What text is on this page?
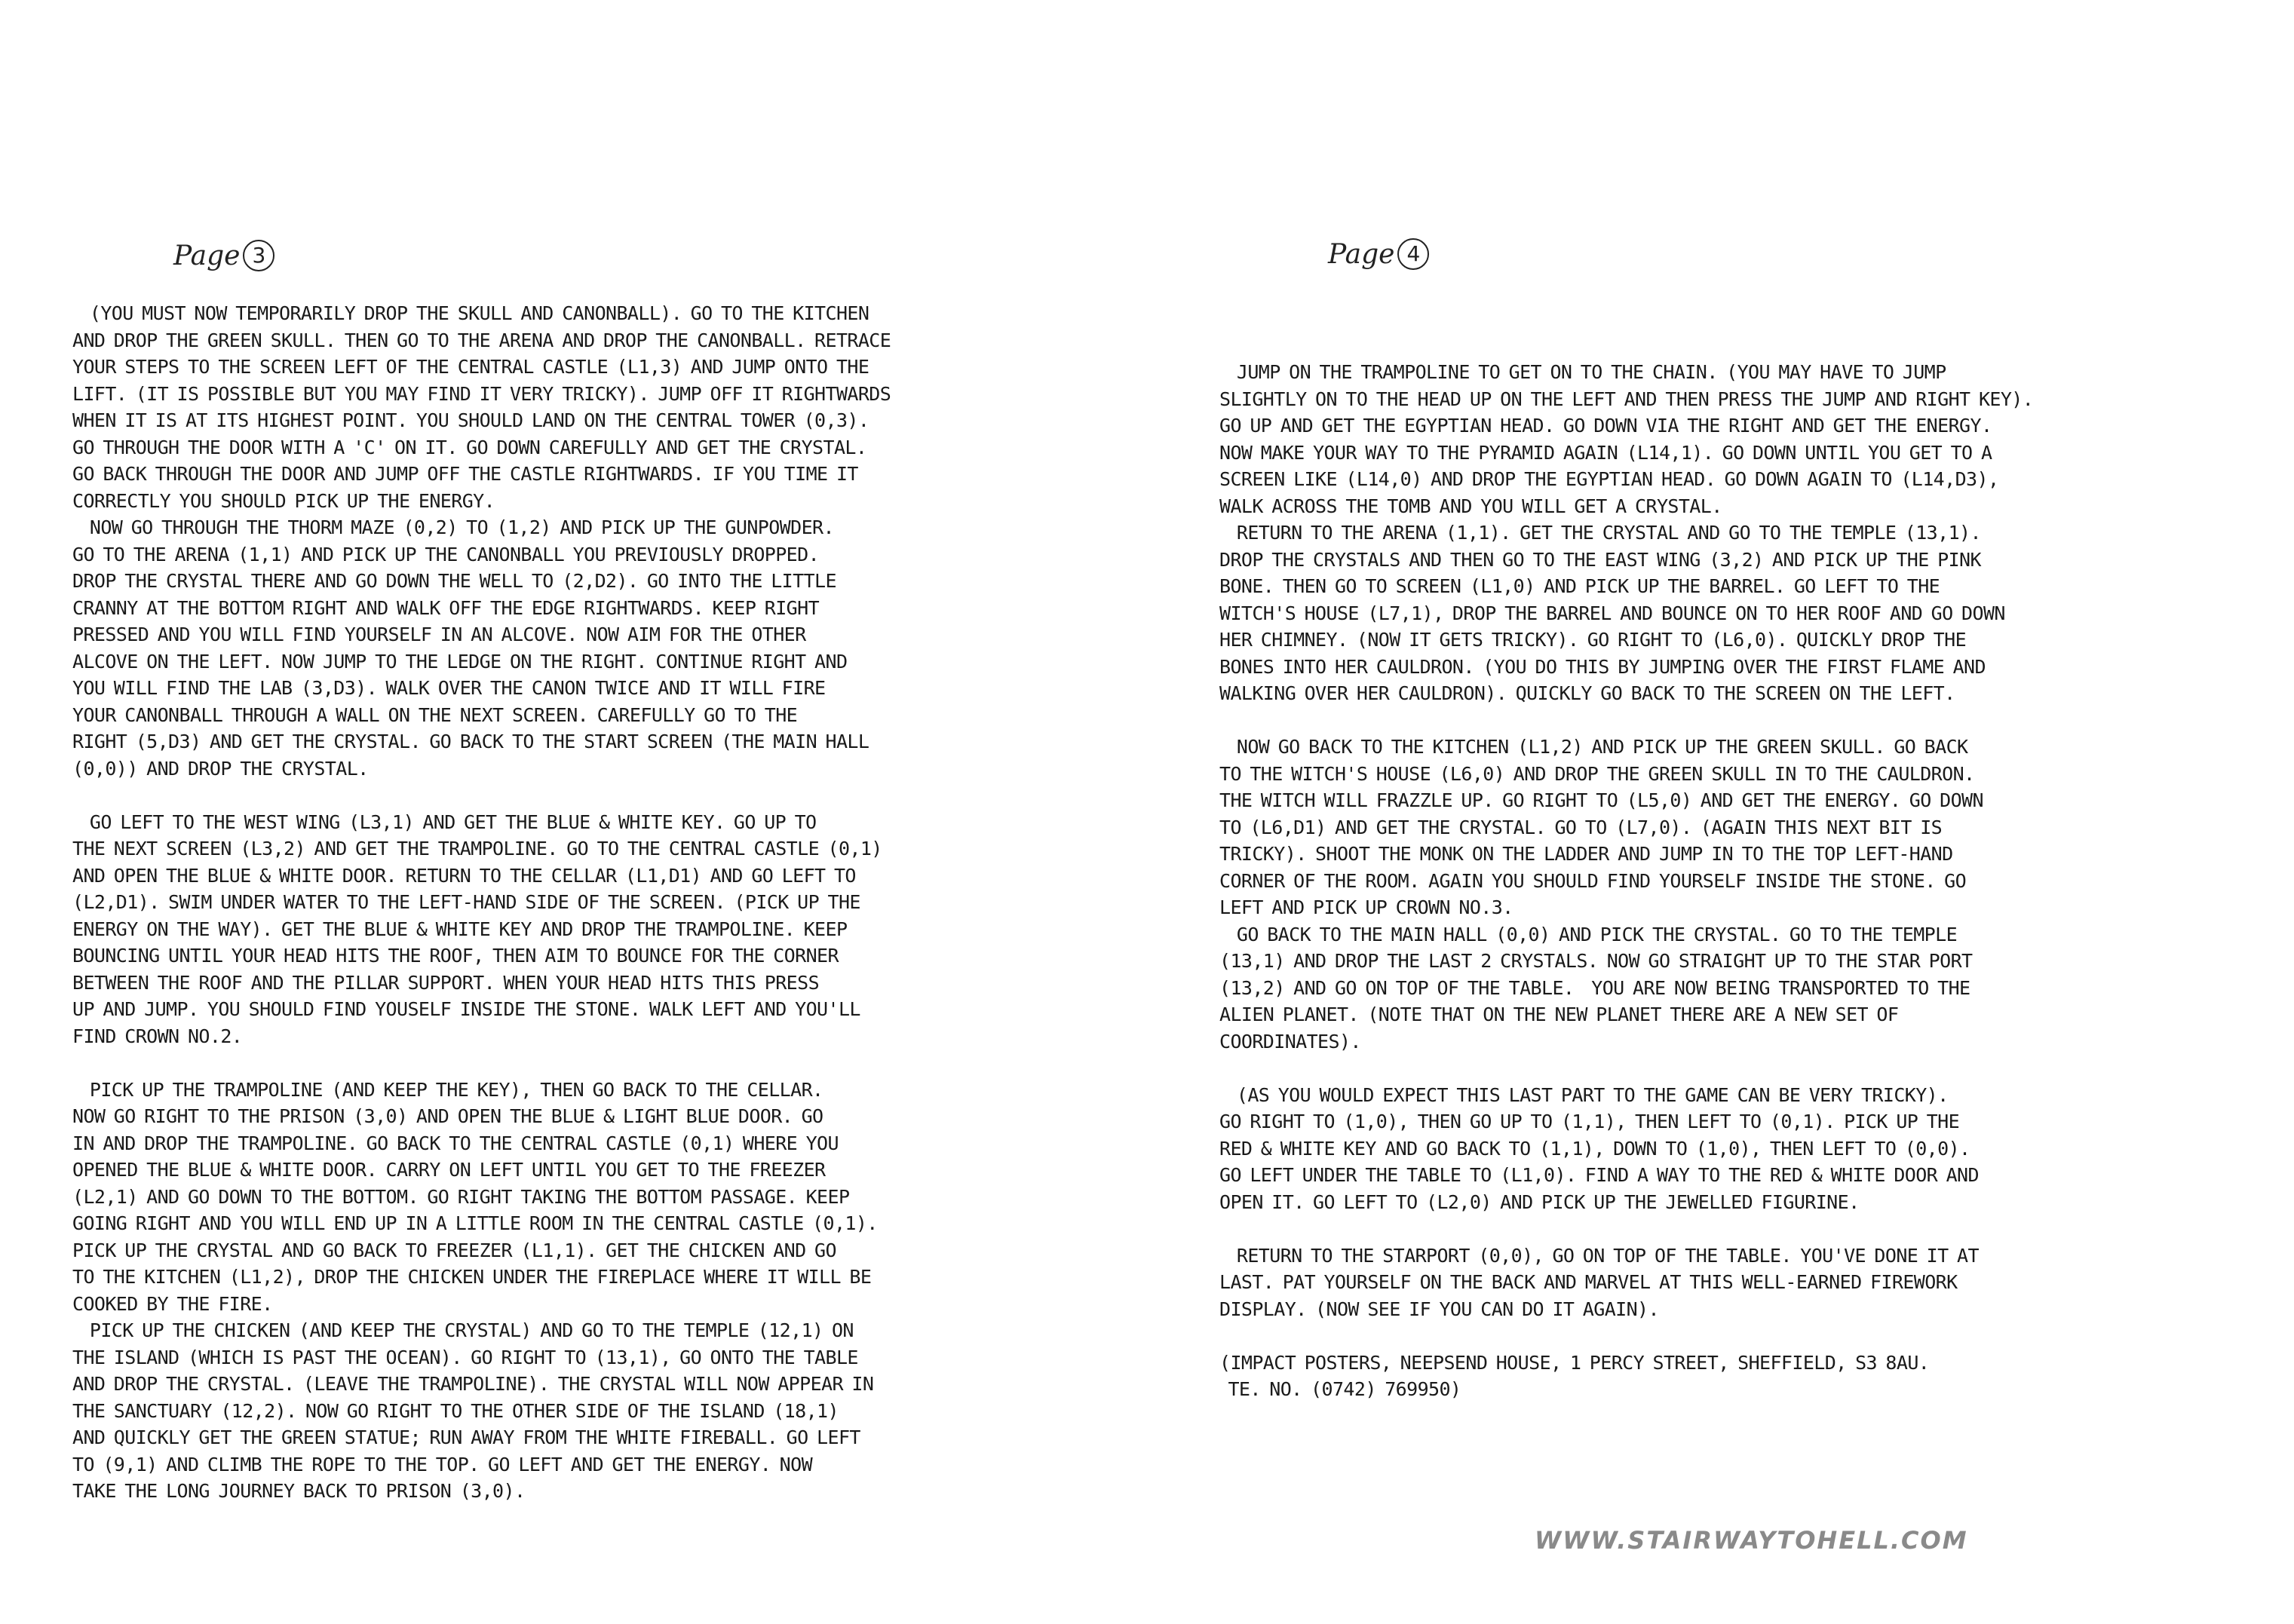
Page 3
(YOU MUST NOW TEMPORARILY DROP THE SKULL AND CANONBALL). GO TO THE KITCHEN
AND DROP THE GREEN SKULL. THEN GO TO THE ARENA AND DROP THE CANONBALL. RETRACE
YOUR STEPS TO THE SCREEN LEFT OF THE CENTRAL CASTLE (L1,3) AND JUMP ONTO THE
LIFT. (IT IS POSSIBLE BUT YOU MAY FIND IT VERY TRICKY). JUMP OFF IT RIGHTWARDS
WHEN IT IS AT ITS HIGHEST POINT. YOU SHOULD LAND ON THE CENTRAL TOWER (0,3).
GO THROUGH THE DOOR WITH A 'C' ON IT. GO DOWN CAREFULLY AND GET THE CRYSTAL.
GO BACK THROUGH THE DOOR AND JUMP OFF THE CASTLE RIGHTWARDS. IF YOU TIME IT
CORRECTLY YOU SHOULD PICK UP THE ENERGY.
NOW GO THROUGH THE THORM MAZE (0,2) TO (1,2) AND PICK UP THE GUNPOWDER.
GO TO THE ARENA (1,1) AND PICK UP THE CANONBALL YOU PREVIOUSLY DROPPED.
DROP THE CRYSTAL THERE AND GO DOWN THE WELL TO (2,D2). GO INTO THE LITTLE
CRANNY AT THE BOTTOM RIGHT AND WALK OFF THE EDGE RIGHTWARDS. KEEP RIGHT
PRESSED AND YOU WILL FIND YOURSELF IN AN ALCOVE. NOW AIM FOR THE OTHER
ALCOVE ON THE LEFT. NOW JUMP TO THE LEDGE ON THE RIGHT. CONTINUE RIGHT AND
YOU WILL FIND THE LAB (3,D3). WALK OVER THE CANON TWICE AND IT WILL FIRE
YOUR CANONBALL THROUGH A WALL ON THE NEXT SCREEN. CAREFULLY GO TO THE
RIGHT (5,D3) AND GET THE CRYSTAL. GO BACK TO THE START SCREEN (THE MAIN HALL
(0,0)) AND DROP THE CRYSTAL.
GO LEFT TO THE WEST WING (L3,1) AND GET THE BLUE & WHITE KEY. GO UP TO
THE NEXT SCREEN (L3,2) AND GET THE TRAMPOLINE. GO TO THE CENTRAL CASTLE (0,1)
AND OPEN THE BLUE & WHITE DOOR. RETURN TO THE CELLAR (L1,D1) AND GO LEFT TO
(L2,D1). SWIM UNDER WATER TO THE LEFT-HAND SIDE OF THE SCREEN. (PICK UP THE
ENERGY ON THE WAY). GET THE BLUE & WHITE KEY AND DROP THE TRAMPOLINE. KEEP
BOUNCING UNTIL YOUR HEAD HITS THE ROOF, THEN AIM TO BOUNCE FOR THE CORNER
BETWEEN THE ROOF AND THE PILLAR SUPPORT. WHEN YOUR HEAD HITS THIS PRESS
UP AND JUMP. YOU SHOULD FIND YOUSELF INSIDE THE STONE. WALK LEFT AND YOU'LL
FIND CROWN NO.2.
PICK UP THE TRAMPOLINE (AND KEEP THE KEY), THEN GO BACK TO THE CELLAR.
NOW GO RIGHT TO THE PRISON (3,0) AND OPEN THE BLUE & LIGHT BLUE DOOR. GO
IN AND DROP THE TRAMPOLINE. GO BACK TO THE CENTRAL CASTLE (0,1) WHERE YOU
OPENED THE BLUE & WHITE DOOR. CARRY ON LEFT UNTIL YOU GET TO THE FREEZER
(L2,1) AND GO DOWN TO THE BOTTOM. GO RIGHT TAKING THE BOTTOM PASSAGE. KEEP
GOING RIGHT AND YOU WILL END UP IN A LITTLE ROOM IN THE CENTRAL CASTLE (0,1).
PICK UP THE CRYSTAL AND GO BACK TO FREEZER (L1,1). GET THE CHICKEN AND GO
TO THE KITCHEN (L1,2), DROP THE CHICKEN UNDER THE FIREPLACE WHERE IT WILL BE
COOKED BY THE FIRE.
PICK UP THE CHICKEN (AND KEEP THE CRYSTAL) AND GO TO THE TEMPLE (12,1) ON
THE ISLAND (WHICH IS PAST THE OCEAN). GO RIGHT TO (13,1), GO ONTO THE TABLE
AND DROP THE CRYSTAL. (LEAVE THE TRAMPOLINE). THE CRYSTAL WILL NOW APPEAR IN
THE SANCTUARY (12,2). NOW GO RIGHT TO THE OTHER SIDE OF THE ISLAND (18,1)
AND QUICKLY GET THE GREEN STATUE; RUN AWAY FROM THE WHITE FIREBALL. GO LEFT
TO (9,1) AND CLIMB THE ROPE TO THE TOP. GO LEFT AND GET THE ENERGY. NOW
TAKE THE LONG JOURNEY BACK TO PRISON (3,0).
Page 4
JUMP ON THE TRAMPOLINE TO GET ON TO THE CHAIN. (YOU MAY HAVE TO JUMP
SLIGHTLY ON TO THE HEAD UP ON THE LEFT AND THEN PRESS THE JUMP AND RIGHT KEY).
GO UP AND GET THE EGYPTIAN HEAD. GO DOWN VIA THE RIGHT AND GET THE ENERGY.
NOW MAKE YOUR WAY TO THE PYRAMID AGAIN (L14,1). GO DOWN UNTIL YOU GET TO A
SCREEN LIKE (L14,0) AND DROP THE EGYPTIAN HEAD. GO DOWN AGAIN TO (L14,D3),
WALK ACROSS THE TOMB AND YOU WILL GET A CRYSTAL.
RETURN TO THE ARENA (1,1). GET THE CRYSTAL AND GO TO THE TEMPLE (13,1).
DROP THE CRYSTALS AND THEN GO TO THE EAST WING (3,2) AND PICK UP THE PINK
BONE. THEN GO TO SCREEN (L1,0) AND PICK UP THE BARREL. GO LEFT TO THE
WITCH'S HOUSE (L7,1), DROP THE BARREL AND BOUNCE ON TO HER ROOF AND GO DOWN
HER CHIMNEY. (NOW IT GETS TRICKY). GO RIGHT TO (L6,0). QUICKLY DROP THE
BONES INTO HER CAULDRON. (YOU DO THIS BY JUMPING OVER THE FIRST FLAME AND
WALKING OVER HER CAULDRON). QUICKLY GO BACK TO THE SCREEN ON THE LEFT.
NOW GO BACK TO THE KITCHEN (L1,2) AND PICK UP THE GREEN SKULL. GO BACK
TO THE WITCH'S HOUSE (L6,0) AND DROP THE GREEN SKULL IN TO THE CAULDRON.
THE WITCH WILL FRAZZLE UP. GO RIGHT TO (L5,0) AND GET THE ENERGY. GO DOWN
TO (L6,D1) AND GET THE CRYSTAL. GO TO (L7,0). (AGAIN THIS NEXT BIT IS
TRICKY). SHOOT THE MONK ON THE LADDER AND JUMP IN TO THE TOP LEFT-HAND
CORNER OF THE ROOM. AGAIN YOU SHOULD FIND YOURSELF INSIDE THE STONE. GO
LEFT AND PICK UP CROWN NO.3.
GO BACK TO THE MAIN HALL (0,0) AND PICK THE CRYSTAL. GO TO THE TEMPLE
(13,1) AND DROP THE LAST 2 CRYSTALS. NOW GO STRAIGHT UP TO THE STAR PORT
(13,2) AND GO ON TOP OF THE TABLE.  YOU ARE NOW BEING TRANSPORTED TO THE
ALIEN PLANET. (NOTE THAT ON THE NEW PLANET THERE ARE A NEW SET OF
COORDINATES).
(AS YOU WOULD EXPECT THIS LAST PART TO THE GAME CAN BE VERY TRICKY).
GO RIGHT TO (1,0), THEN GO UP TO (1,1), THEN LEFT TO (0,1). PICK UP THE
RED & WHITE KEY AND GO BACK TO (1,1), DOWN TO (1,0), THEN LEFT TO (0,0).
GO LEFT UNDER THE TABLE TO (L1,0). FIND A WAY TO THE RED & WHITE DOOR AND
OPEN IT. GO LEFT TO (L2,0) AND PICK UP THE JEWELLED FIGURINE.
RETURN TO THE STARPORT (0,0), GO ON TOP OF THE TABLE. YOU'VE DONE IT AT
LAST. PAT YOURSELF ON THE BACK AND MARVEL AT THIS WELL-EARNED FIREWORK
DISPLAY. (NOW SEE IF YOU CAN DO IT AGAIN).
(IMPACT POSTERS, NEEPSEND HOUSE, 1 PERCY STREET, SHEFFIELD, S3 8AU.
TE. NO. (0742) 769950)
WWW.STAIRWAYTOHELL.COM
